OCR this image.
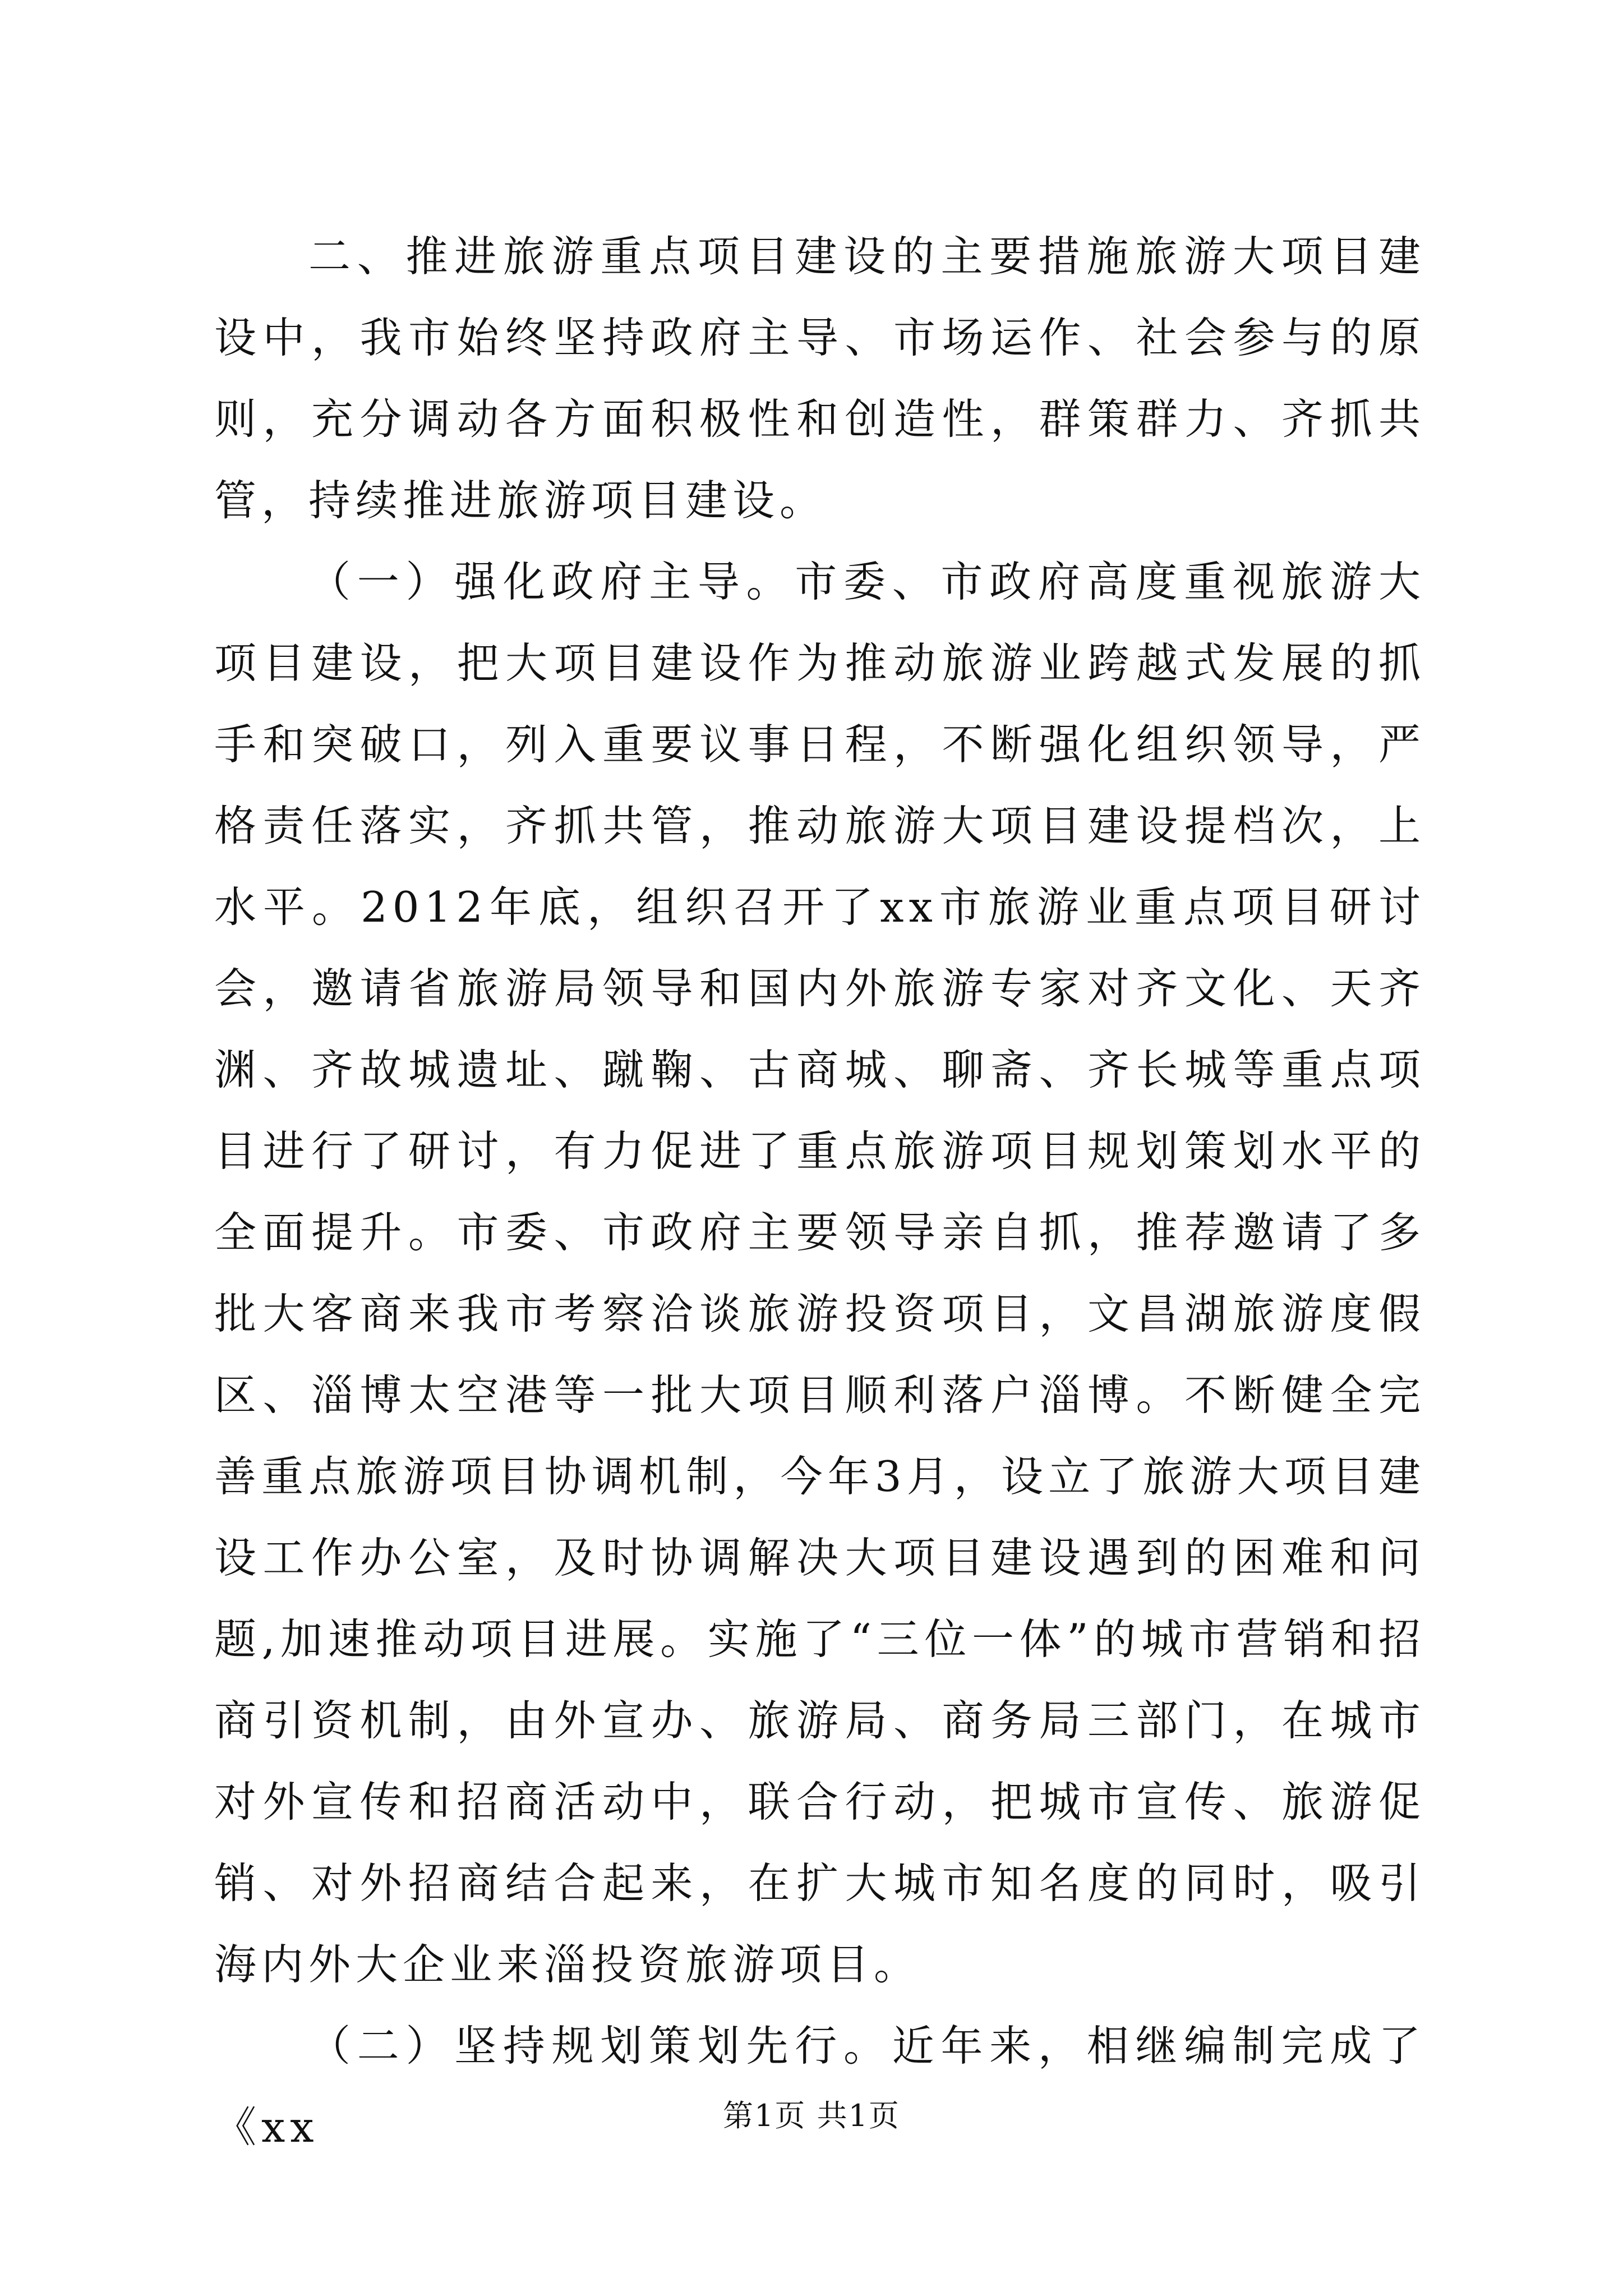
二、推进旅游重点项目建设的主要措施旅游大项目建设中，我市始终坚持政府主导、市场运作、社会参与的原则，充分调动各方面积极性和创造性，群策群力、齐抓共管，持续推进旅游项目建设。

（一）强化政府主导。市委、市政府高度重视旅游大项目建设，把大项目建设作为推动旅游业跨越式发展的抓手和突破口，列入重要议事日程，不断强化组织领导，严格责任落实，齐抓共管，推动旅游大项目建设提档次，上水平。2012年底，组织召开了xx市旅游业重点项目研讨会，邀请省旅游局领导和国内外旅游专家对齐文化、天齐渊、齐故城遗址、蹴鞠、古商城、聊斋、齐长城等重点项目进行了研讨，有力促进了重点旅游项目规划策划水平的全面提升。市委、市政府主要领导亲自抓，推荐邀请了多批大客商来我市考察洽谈旅游投资项目，文昌湖旅游度假区、淄博太空港等一批大项目顺利落户淄博。不断健全完善重点旅游项目协调机制，今年3月，设立了旅游大项目建设工作办公室，及时协调解决大项目建设遇到的困难和问题,加速推动项目进展。实施了“三位一体”的城市营销和招商引资机制，由外宣办、旅游局、商务局三部门，在城市对外宣传和招商活动中，联合行动，把城市宣传、旅游促销、对外招商结合起来，在扩大城市知名度的同时，吸引海内外大企业来淄投资旅游项目。

（二）坚持规划策划先行。近年来，相继编制完成了《xx	第1页 共1页
